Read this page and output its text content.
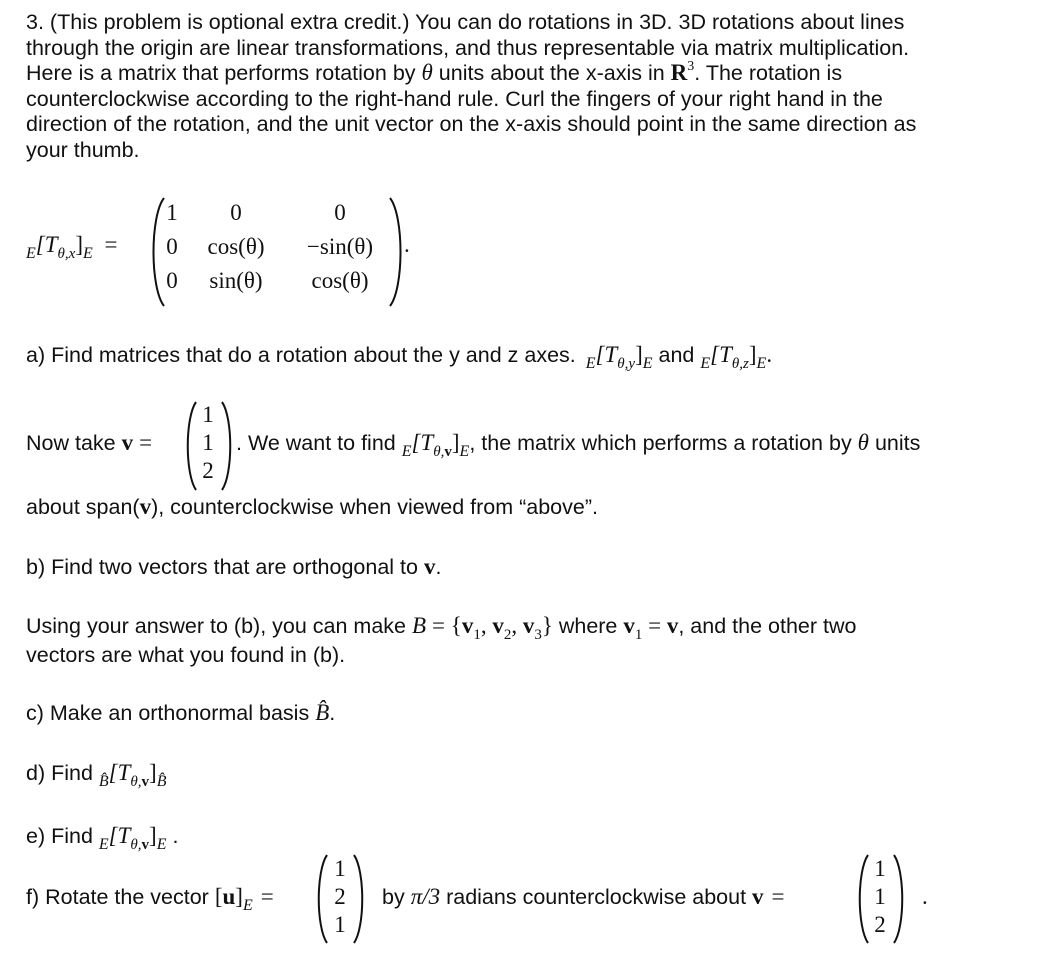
3. (This problem is optional extra credit.) You can do rotations in 3D. 3D rotations about lines
through the origin are linear transformations, and thus representable via matrix multiplication.
Here is a matrix that performs rotation by θ units about the x-axis in $R^3$. The rotation is
counterclockwise according to the right-hand rule. Curl the fingers of your right hand in the
direction of the rotation, and the unit vector on the x-axis should point in the same direction as
your thumb.
$_E[T_{\theta,x}]_E$ =
1	0	0
0	cos(θ)	−sin(θ)
0	sin(θ)	cos(θ)
.
a) Find matrices that do a rotation about the y and z axes. $_E[T_{\theta,y}]_E$ and $_E[T_{\theta,z}]_E$.
Now take v =
1
1
2
. We want to find $_E[T_{\theta,v}]_E$, the matrix which performs a rotation by θ units
about span(v), counterclockwise when viewed from “above”.
b) Find two vectors that are orthogonal to v.
Using your answer to (b), you can make $B = \{v_1$, $v_2$, $v_3$} where $v_1 = v$, and the other two
vectors are what you found in (b).
c) Make an orthonormal basis B̂.
d) Find $_{B̂}[T_{\theta,v}]_{B̂}$
e) Find $_E[T_{\theta,v}]_E$ .
f) Rotate the vector $[u]_E$ =
1
2
1
by π/3 radians counterclockwise about v =
1
1
2
.
